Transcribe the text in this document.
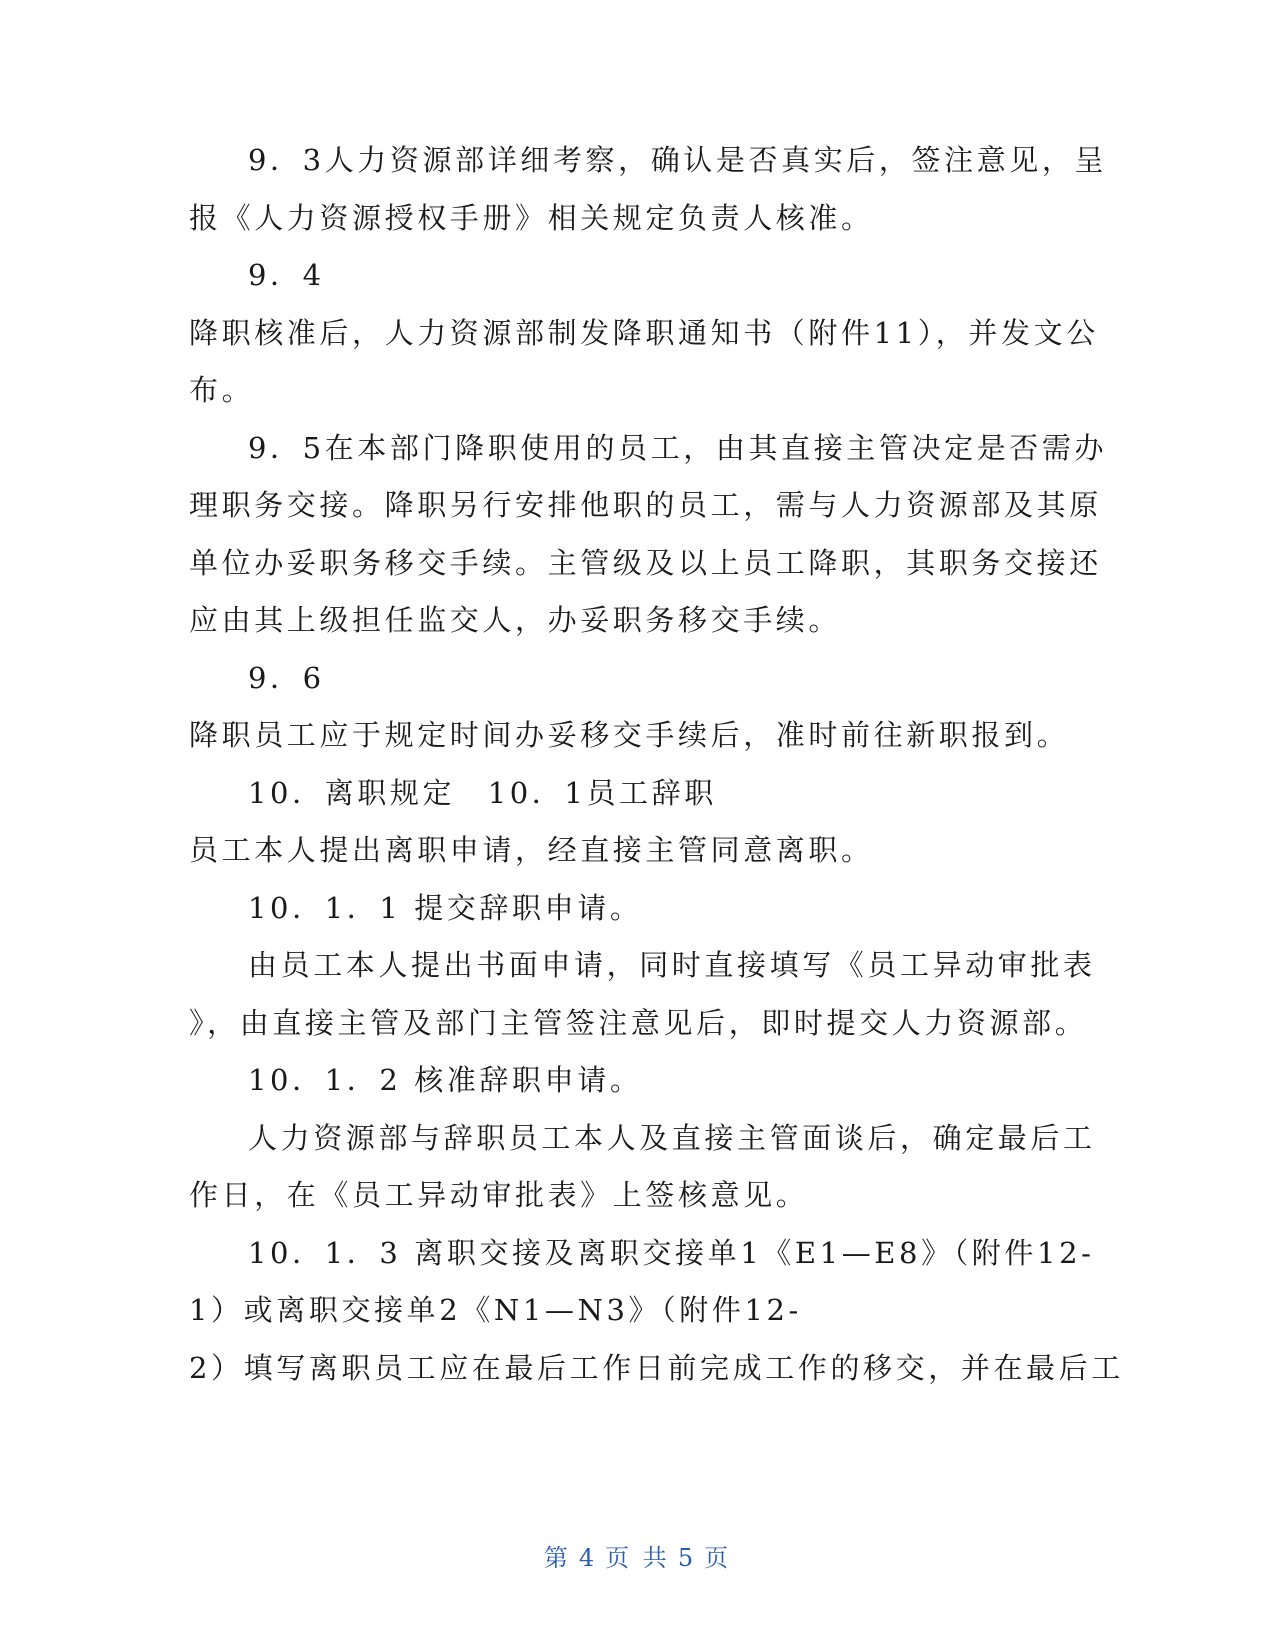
9．3人力资源部详细考察，确认是否真实后，签注意见，呈
报《人力资源授权手册》相关规定负责人核准。
9．4
降职核准后，人力资源部制发降职通知书（附件11），并发文公
布。
9．5在本部门降职使用的员工，由其直接主管决定是否需办
理职务交接。降职另行安排他职的员工，需与人力资源部及其原
单位办妥职务移交手续。主管级及以上员工降职，其职务交接还
应由其上级担任监交人，办妥职务移交手续。
9．6
降职员工应于规定时间办妥移交手续后，准时前往新职报到。
10．离职规定　10．1员工辞职
员工本人提出离职申请，经直接主管同意离职。
10．1．1 提交辞职申请。
由员工本人提出书面申请，同时直接填写《员工异动审批表
》，由直接主管及部门主管签注意见后，即时提交人力资源部。
10．1．2 核准辞职申请。
人力资源部与辞职员工本人及直接主管面谈后，确定最后工
作日，在《员工异动审批表》上签核意见。
10．1．3 离职交接及离职交接单1《E1—E8》（附件12-
1）或离职交接单2《N1—N3》（附件12-
2）填写离职员工应在最后工作日前完成工作的移交，并在最后工
第 4 页 共 5 页
